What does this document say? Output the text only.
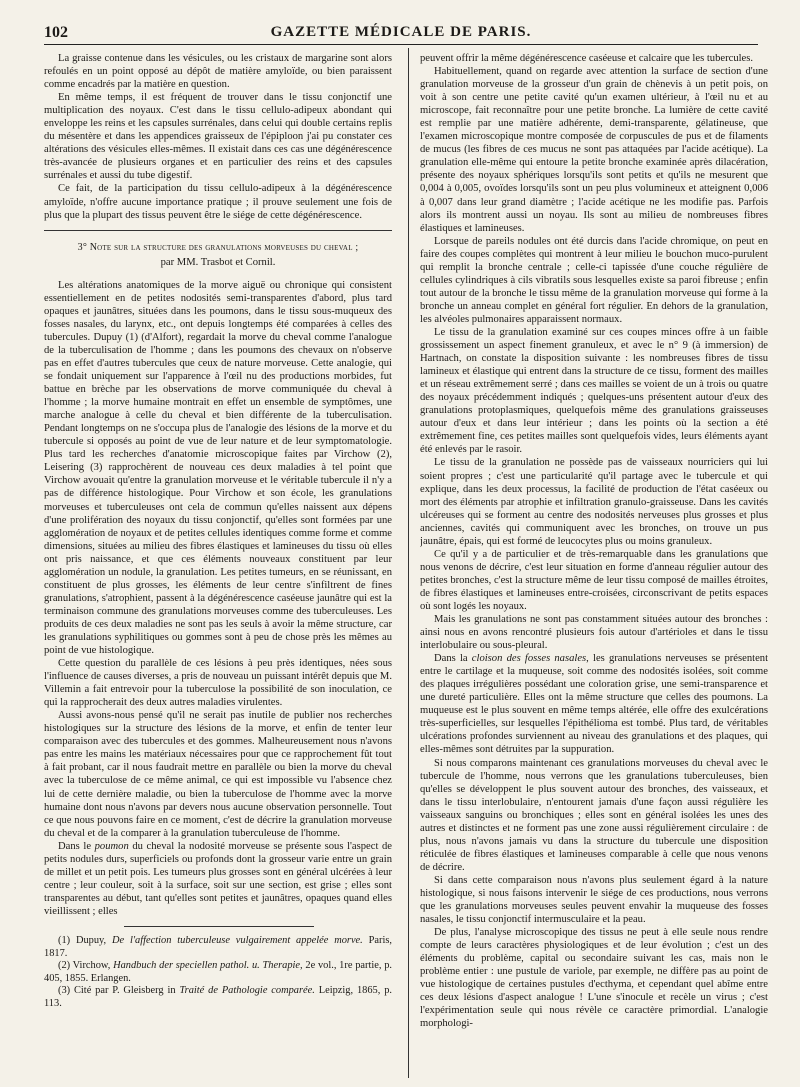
102	GAZETTE MÉDICALE DE PARIS.

La graisse contenue dans les vésicules, ou les cristaux de margarine sont alors refoulés en un point opposé au dépôt de matière amyloïde, ou bien paraissent comme encadrés par la matière en question.

En même temps, il est fréquent de trouver dans le tissu conjonctif une multiplication des noyaux. C'est dans le tissu cellulo-adipeux abondant qui enveloppe les reins et les capsules surrénales, dans celui qui double certains replis du mésentère et dans les appendices graisseux de l'épiploon j'ai pu constater ces altérations des vésicules elles-mêmes. Il existait dans ces cas une dégénérescence très-avancée de plusieurs organes et en particulier des reins et des capsules surrénales et aussi du tube digestif.

Ce fait, de la participation du tissu cellulo-adipeux à la dégénérescence amyloïde, n'offre aucune importance pratique ; il prouve seulement une fois de plus que la plupart des tissus peuvent être le siége de cette dégénérescence.

3° Note sur la structure des granulations morveuses du cheval ;
par MM. Trasbot et Cornil.

Les altérations anatomiques de la morve aiguë ou chronique qui consistent essentiellement en de petites nodosités semi-transparentes d'abord, plus tard opaques et jaunâtres, situées dans les poumons, dans le tissu sous-muqueux des fosses nasales, du larynx, etc., ont depuis longtemps été comparées à celles des tubercules. Dupuy (1) (d'Alfort), regardait la morve du cheval comme l'analogue de la tuberculisation de l'homme ; dans les poumons des chevaux on n'observe pas en effet d'autres tubercules que ceux de nature morveuse. Cette analogie, qui se fondait uniquement sur l'apparence à l'œil nu des productions morbides, fut battue en brèche par les observations de morve communiquée du cheval à l'homme ; la morve humaine montrait en effet un ensemble de symptômes, une marche analogue à celle du cheval et bien différente de la tuberculisation. Pendant longtemps on ne s'occupa plus de l'analogie des lésions de la morve et du tubercule si opposés au point de vue de leur nature et de leur symptomatologie. Plus tard les recherches d'anatomie microscopique faites par Virchow (2), Leisering (3) rapprochèrent de nouveau ces deux maladies à tel point que Virchow avouait qu'entre la granulation morveuse et le véritable tubercule il n'y a pas de différence histologique. Pour Virchow et son école, les granulations morveuses et tuberculeuses ont cela de commun qu'elles naissent aux dépens d'une prolifération des noyaux du tissu conjonctif, qu'elles sont formées par une agglomération de noyaux et de petites cellules identiques comme forme et comme dimensions, situées au milieu des fibres élastiques et lamineuses du tissu où elles ont pris naissance, et que ces éléments nouveaux constituent par leur agglomération un nodule, la granulation. Les petites tumeurs, en se réunissant, en constituent de plus grosses, les éléments de leur centre s'infiltrent de fines granulations, s'atrophient, passent à la dégénérescence caséeuse jaunâtre qui est la terminaison commune des granulations morveuses comme des tuberculeuses. Les produits de ces deux maladies ne sont pas les seuls à avoir la même structure, car les granulations syphilitiques ou gommes sont à peu de chose près les mêmes au point de vue histologique.

Cette question du parallèle de ces lésions à peu près identiques, nées sous l'influence de causes diverses, a pris de nouveau un puissant intérêt depuis que M. Villemin a fait entrevoir pour la tuberculose la possibilité de son inoculation, ce qui la rapprocherait des deux autres maladies virulentes.

Aussi avons-nous pensé qu'il ne serait pas inutile de publier nos recherches histologiques sur la structure des lésions de la morve, et enfin de tenter leur comparaison avec des tubercules et des gommes. Malheureusement nous n'avons pas entre les mains les matériaux nécessaires pour que ce rapprochement fût tout à fait probant, car il nous faudrait mettre en parallèle ou bien la morve du cheval avec la tuberculose de ce même animal, ce qui est impossible vu l'absence chez lui de cette dernière maladie, ou bien la tuberculose de l'homme avec la morve humaine dont nous n'avons par devers nous aucune observation personnelle. Tout ce que nous pouvons faire en ce moment, c'est de décrire la granulation morveuse du cheval et de la comparer à la granulation tuberculeuse de l'homme.

Dans le poumon du cheval la nodosité morveuse se présente sous l'aspect de petits nodules durs, superficiels ou profonds dont la grosseur varie entre un grain de millet et un petit pois. Les tumeurs plus grosses sont en général ulcérées à leur centre ; leur couleur, soit à la surface, soit sur une section, est grise ; elles sont transparentes au début, tant qu'elles sont petites et jaunâtres, opaques quand elles vieillissent ; elles

(1) Dupuy, De l'affection tuberculeuse vulgairement appelée morve. Paris, 1817.

(2) Virchow, Handbuch der speciellen pathol. u. Therapie, 2e vol., 1re partie, p. 405, 1855. Erlangen.

(3) Cité par P. Gleisberg in Traité de Pathologie comparée. Leipzig, 1865, p. 113.

peuvent offrir la même dégénérescence caséeuse et calcaire que les tubercules.

Habituellement, quand on regarde avec attention la surface de section d'une granulation morveuse de la grosseur d'un grain de chènevis à un petit pois, on voit à son centre une petite cavité qu'un examen ultérieur, à l'œil nu et au microscope, fait reconnaître pour une petite bronche. La lumière de cette cavité est remplie par une matière adhérente, demi-transparente, gélatineuse, que l'examen microscopique montre composée de corpuscules de pus et de filaments de mucus (les fibres de ces mucus ne sont pas attaquées par l'acide acétique). La granulation elle-même qui entoure la petite bronche examinée après dilacération, présente des noyaux sphériques lorsqu'ils sont petits et qu'ils ne mesurent que 0,004 à 0,005, ovoïdes lorsqu'ils sont un peu plus volumineux et atteignent 0,006 à 0,007 dans leur grand diamètre ; l'acide acétique ne les modifie pas. Parfois alors ils montrent aussi un noyau. Ils sont au milieu de nombreuses fibres élastiques et lamineuses.

Lorsque de pareils nodules ont été durcis dans l'acide chromique, on peut en faire des coupes complètes qui montrent à leur milieu le bouchon muco-purulent qui remplit la bronche centrale ; celle-ci tapissée d'une couche régulière de cellules cylindriques à cils vibratils sous lesquelles existe sa paroi fibreuse ; enfin tout autour de la bronche le tissu même de la granulation morveuse qui forme à la bronche un anneau complet en général fort régulier. En dehors de la granulation, les alvéoles pulmonaires apparaissent normaux.

Le tissu de la granulation examiné sur ces coupes minces offre à un faible grossissement un aspect finement granuleux, et avec le n° 9 (à immersion) de Hartnach, on constate la disposition suivante : les nombreuses fibres de tissu lamineux et élastique qui entrent dans la structure de ce tissu, forment des mailles et un réseau extrêmement serré ; dans ces mailles se voient de un à trois ou quatre des noyaux précédemment indiqués ; quelques-uns présentent autour d'eux des granulations protoplasmiques, quelquefois même des granulations graisseuses autour d'eux et dans leur intérieur ; dans les points où la section a été extrêmement fine, ces petites mailles sont quelquefois vides, leurs éléments ayant été enlevés par le rasoir.

Le tissu de la granulation ne possède pas de vaisseaux nourriciers qui lui soient propres ; c'est une particularité qu'il partage avec le tubercule et qui explique, dans les deux processus, la facilité de production de l'état caséeux ou mort des éléments par atrophie et infiltration granulo-graisseuse. Dans les cavités ulcéreuses qui se forment au centre des nodosités nerveuses plus grosses et plus anciennes, cavités qui communiquent avec les bronches, on trouve un pus jaunâtre, épais, qui est formé de leucocytes plus ou moins granuleux.

Ce qu'il y a de particulier et de très-remarquable dans les granulations que nous venons de décrire, c'est leur situation en forme d'anneau régulier autour des petites bronches, c'est la structure même de leur tissu composé de mailles étroites, de fibres élastiques et lamineuses entre-croisées, circonscrivant de petits espaces où sont logés les noyaux.

Mais les granulations ne sont pas constamment situées autour des bronches : ainsi nous en avons rencontré plusieurs fois autour d'artérioles et dans le tissu interlobulaire ou sous-pleural.

Dans la cloison des fosses nasales, les granulations nerveuses se présentent entre le cartilage et la muqueuse, soit comme des nodosités isolées, soit comme des plaques irrégulières possédant une coloration grise, une semi-transparence et une dureté particulière. Elles ont la même structure que celles des poumons. La muqueuse est le plus souvent en même temps altérée, elle offre des exulcérations très-superficielles, sur lesquelles l'épithélioma est tombé. Plus tard, de véritables ulcérations profondes surviennent au niveau des granulations et des plaques, qui elles-mêmes sont détruites par la suppuration.

Si nous comparons maintenant ces granulations morveuses du cheval avec le tubercule de l'homme, nous verrons que les granulations tuberculeuses, bien qu'elles se développent le plus souvent autour des bronches, des vaisseaux, et dans le tissu interlobulaire, n'entourent jamais d'une façon aussi régulière les vaisseaux sanguins ou bronchiques ; elles sont en général isolées les unes des autres et distinctes et ne forment pas une zone aussi régulièrement circulaire : de plus, nous n'avons jamais vu dans la structure du tubercule une disposition réticulée de fibres élastiques et lamineuses comparable à celle que nous venons de décrire.

Si dans cette comparaison nous n'avons plus seulement égard à la nature histologique, si nous faisons intervenir le siége de ces productions, nous verrons que les granulations morveuses seules peuvent envahir la muqueuse des fosses nasales, le tissu conjonctif intermusculaire et la peau.

De plus, l'analyse microscopique des tissus ne peut à elle seule nous rendre compte de leurs caractères physiologiques et de leur évolution ; c'est un des éléments du problème, capital ou secondaire suivant les cas, mais non le problème entier : une pustule de variole, par exemple, ne diffère pas au point de vue histologique de certaines pustules d'ecthyma, et cependant quel abîme entre ces deux lésions d'aspect analogue ! L'une s'inocule et recèle un virus ; c'est l'expérimentation seule qui nous révèle ce caractère primordial. L'analogie morphologi-
